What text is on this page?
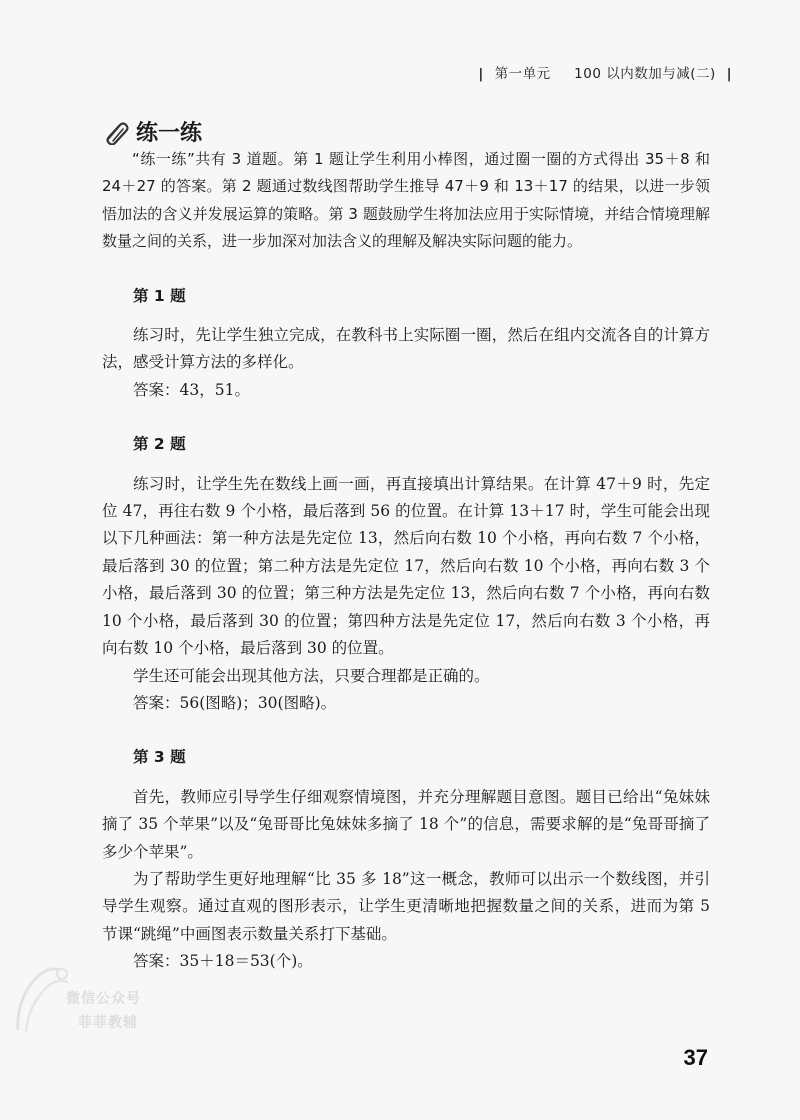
| 第一单元 100 以内数加与减(二) |
练一练

“练一练”共有 3 道题。第 1 题让学生利用小棒图，通过圈一圈的方式得出 35＋8 和 24＋27 的答案。第 2 题通过数线图帮助学生推导 47＋9 和 13＋17 的结果，以进一步领悟加法的含义并发展运算的策略。第 3 题鼓励学生将加法应用于实际情境，并结合情境理解数量之间的关系，进一步加深对加法含义的理解及解决实际问题的能力。

第 1 题

练习时，先让学生独立完成，在教科书上实际圈一圈，然后在组内交流各自的计算方法，感受计算方法的多样化。

答案：43，51。

第 2 题

练习时，让学生先在数线上画一画，再直接填出计算结果。在计算 47＋9 时，先定位 47，再往右数 9 个小格，最后落到 56 的位置。在计算 13＋17 时，学生可能会出现以下几种画法：第一种方法是先定位 13，然后向右数 10 个小格，再向右数 7 个小格，最后落到 30 的位置；第二种方法是先定位 17，然后向右数 10 个小格，再向右数 3 个小格，最后落到 30 的位置；第三种方法是先定位 13，然后向右数 7 个小格，再向右数 10 个小格，最后落到 30 的位置；第四种方法是先定位 17，然后向右数 3 个小格，再向右数 10 个小格，最后落到 30 的位置。

学生还可能会出现其他方法，只要合理都是正确的。

答案：56(图略)；30(图略)。

第 3 题

首先，教师应引导学生仔细观察情境图，并充分理解题目意图。题目已给出“兔妹妹摘了 35 个苹果”以及“兔哥哥比兔妹妹多摘了 18 个”的信息，需要求解的是“兔哥哥摘了多少个苹果”。

为了帮助学生更好地理解“比 35 多 18”这一概念，教师可以出示一个数线图，并引导学生观察。通过直观的图形表示，让学生更清晰地把握数量之间的关系，进而为第 5 节课“跳绳”中画图表示数量关系打下基础。

答案：35＋18＝53(个)。

微信公众号
菲菲教辅
37
